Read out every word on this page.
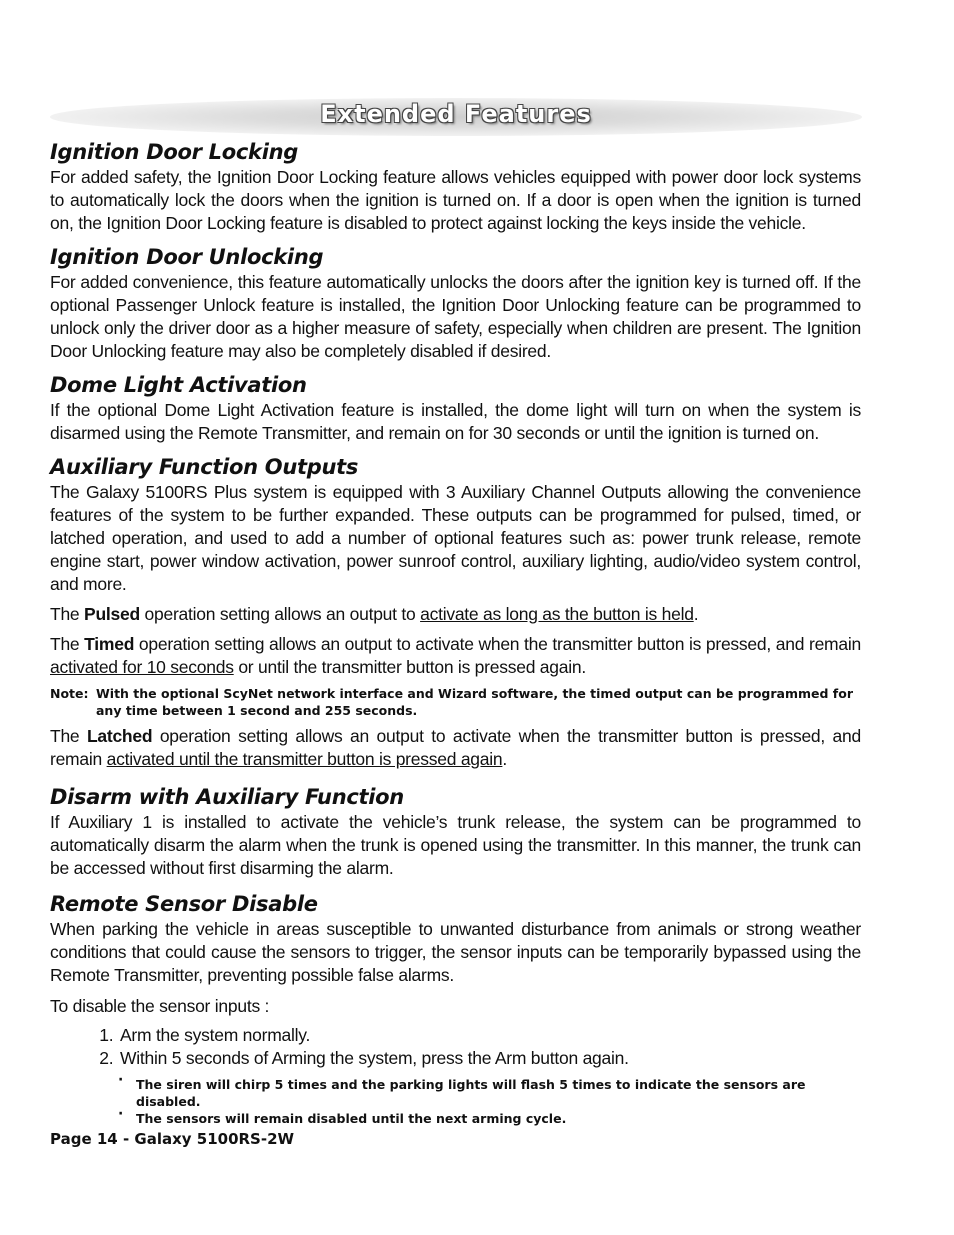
Extended Features
Ignition Door Locking

For added safety, the Ignition Door Locking feature allows vehicles equipped with power door lock systems to automatically lock the doors when the ignition is turned on. If a door is open when the ignition is turned on, the Ignition Door Locking feature is disabled to protect against locking the keys inside the vehicle.

Ignition Door Unlocking

For added convenience, this feature automatically unlocks the doors after the ignition key is turned off. If the optional Passenger Unlock feature is installed, the Ignition Door Unlocking feature can be programmed to unlock only the driver door as a higher measure of safety, especially when children are present. The Ignition Door Unlocking feature may also be completely disabled if desired.

Dome Light Activation

If the optional Dome Light Activation feature is installed, the dome light will turn on when the system is disarmed using the Remote Transmitter, and remain on for 30 seconds or until the ignition is turned on.

Auxiliary Function Outputs

The Galaxy 5100RS Plus system is equipped with 3 Auxiliary Channel Outputs allowing the convenience features of the system to be further expanded. These outputs can be programmed for pulsed, timed, or latched operation, and used to add a number of optional features such as: power trunk release, remote engine start, power window activation, power sunroof control, auxiliary lighting, audio/video system control, and more.

The Pulsed operation setting allows an output to activate as long as the button is held.

The Timed operation setting allows an output to activate when the transmitter button is pressed, and remain activated for 10 seconds or until the transmitter button is pressed again.

Note: With the optional ScyNet network interface and Wizard software, the timed output can be programmed for any time between 1 second and 255 seconds.

The Latched operation setting allows an output to activate when the transmitter button is pressed, and remain activated until the transmitter button is pressed again.

Disarm with Auxiliary Function

If Auxiliary 1 is installed to activate the vehicle’s trunk release, the system can be programmed to automatically disarm the alarm when the trunk is opened using the transmitter. In this manner, the trunk can be accessed without first disarming the alarm.

Remote Sensor Disable

When parking the vehicle in areas susceptible to unwanted disturbance from animals or strong weather conditions that could cause the sensors to trigger, the sensor inputs can be temporarily bypassed using the Remote Transmitter, preventing possible false alarms.

To disable the sensor inputs :

1. Arm the system normally.
2. Within 5 seconds of Arming the system, press the Arm button again.
· The siren will chirp 5 times and the parking lights will flash 5 times to indicate the sensors are disabled.
· The sensors will remain disabled until the next arming cycle.
Page 14 - Galaxy 5100RS-2W
